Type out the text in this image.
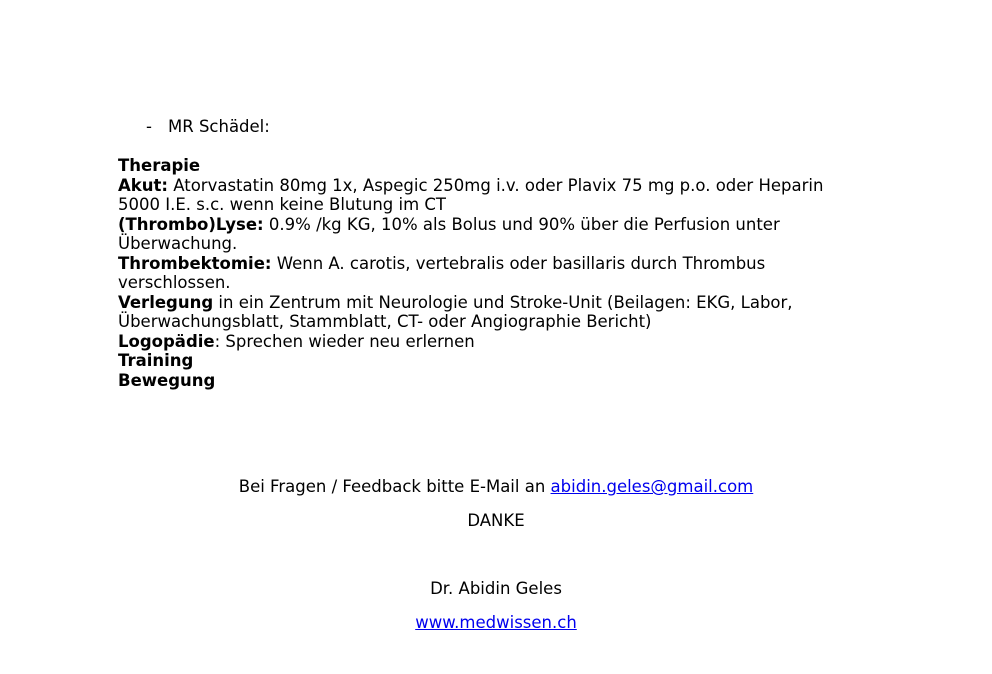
- MR Schädel:
Therapie
Akut: Atorvastatin 80mg 1x, Aspegic 250mg i.v. oder Plavix 75 mg p.o. oder Heparin 5000 I.E. s.c. wenn keine Blutung im CT
(Thrombo)Lyse: 0.9% /kg KG, 10% als Bolus und 90% über die Perfusion unter Überwachung.
Thrombektomie: Wenn A. carotis, vertebralis oder basillaris durch Thrombus verschlossen.
Verlegung in ein Zentrum mit Neurologie und Stroke-Unit (Beilagen: EKG, Labor, Überwachungsblatt, Stammblatt, CT- oder Angiographie Bericht)
Logopädie: Sprechen wieder neu erlernen
Training
Bewegung
Bei Fragen / Feedback bitte E-Mail an abidin.geles@gmail.com
DANKE
Dr. Abidin Geles
www.medwissen.ch
